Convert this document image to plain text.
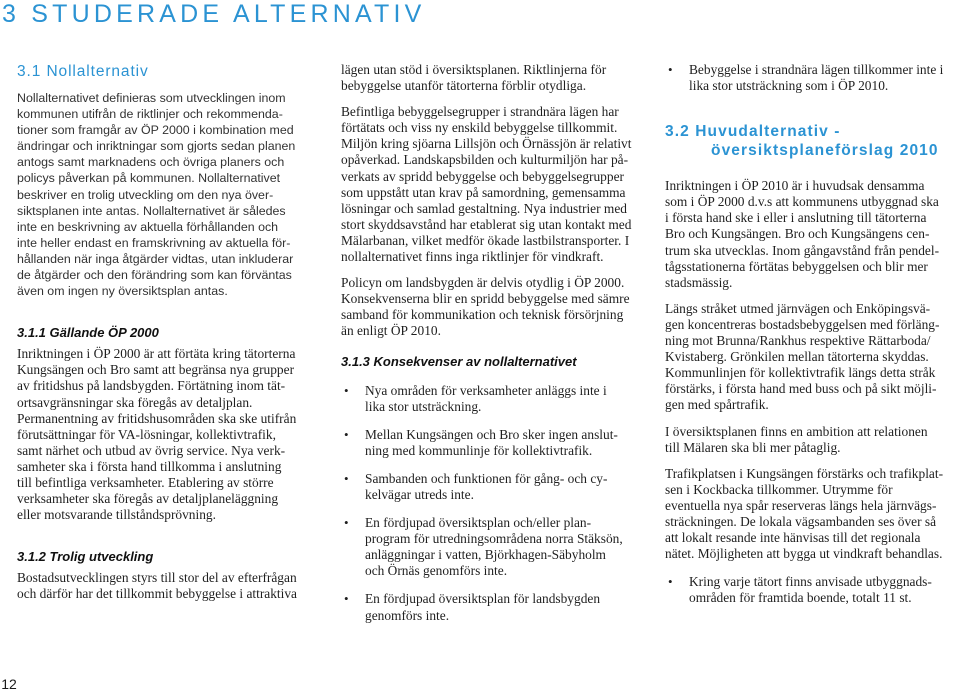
3 STUDERADE ALTERNATIV
3.1 Nollalternativ
Nollalternativet definieras som utvecklingen inom
kommunen utifrån de riktlinjer och rekommenda-
tioner som framgår av ÖP 2000 i kombination med
ändringar och inriktningar som gjorts sedan planen
antogs samt marknadens och övriga planers och
policys påverkan på kommunen. Nollalternativet
beskriver en trolig utveckling om den nya över-
siktsplanen inte antas. Nollalternativet är således
inte en beskrivning av aktuella förhållanden och
inte heller endast en framskrivning av aktuella för-
hållanden när inga åtgärder vidtas, utan inkluderar
de åtgärder och den förändring som kan förväntas
även om ingen ny översiktsplan antas.
3.1.1 Gällande ÖP 2000
Inriktningen i ÖP 2000 är att förtäta kring tätorterna
Kungsängen och Bro samt att begränsa nya grupper
av fritidshus på landsbygden. Förtätning inom tät-
ortsavgränsningar ska föregås av detaljplan.
Permanentning av fritidshusområden ska ske utifrån
förutsättningar för VA-lösningar, kollektivtrafik,
samt närhet och utbud av övrig service. Nya verk-
samheter ska i första hand tillkomma i anslutning
till befintliga verksamheter. Etablering av större
verksamheter ska föregås av detaljplaneläggning
eller motsvarande tillståndsprövning.
3.1.2 Trolig utveckling
Bostadsutvecklingen styrs till stor del av efterfrågan
och därför har det tillkommit bebyggelse i attraktiva
lägen utan stöd i översiktsplanen. Riktlinjerna för
bebyggelse utanför tätorterna förblir otydliga.
Befintliga bebyggelsegrupper i strandnära lägen har
förtätats och viss ny enskild bebyggelse tillkommit.
Miljön kring sjöarna Lillsjön och Örnässjön är relativt
opåverkad. Landskapsbilden och kulturmiljön har på-
verkats av spridd bebyggelse och bebyggelsegrupper
som uppstått utan krav på samordning, gemensamma
lösningar och samlad gestaltning. Nya industrier med
stort skyddsavstånd har etablerat sig utan kontakt med
Mälarbanan, vilket medför ökade lastbilstransporter. I
nollalternativet finns inga riktlinjer för vindkraft.
Policyn om landsbygden är delvis otydlig i ÖP 2000.
Konsekvenserna blir en spridd bebyggelse med sämre
samband för kommunikation och teknisk försörjning
än enligt ÖP 2010.
3.1.3 Konsekvenser av nollalternativet
• Nya områden för verksamheter anläggs inte i
lika stor utsträckning.
• Mellan Kungsängen och Bro sker ingen anslut-
ning med kommunlinje för kollektivtrafik.
• Sambanden och funktionen för gång- och cy-
kelvägar utreds inte.
• En fördjupad översiktsplan och/eller plan-
program för utredningsområdena norra Stäksön,
anläggningar i vatten, Björkhagen-Säbyholm
och Örnäs genomförs inte.
• En fördjupad översiktsplan för landsbygden
genomförs inte.
• Bebyggelse i strandnära lägen tillkommer inte i
lika stor utsträckning som i ÖP 2010.
3.2 Huvudalternativ -
översiktsplaneförslag 2010
Inriktningen i ÖP 2010 är i huvudsak densamma
som i ÖP 2000 d.v.s att kommunens utbyggnad ska
i första hand ske i eller i anslutning till tätorterna
Bro och Kungsängen. Bro och Kungsängens cen-
trum ska utvecklas. Inom gångavstånd från pendel-
tågsstationerna förtätas bebyggelsen och blir mer
stadsmässig.
Längs stråket utmed järnvägen och Enköpingsvä-
gen koncentreras bostadsbebyggelsen med förläng-
ning mot Brunna/Rankhus respektive Rättarboda/
Kvistaberg. Grönkilen mellan tätorterna skyddas.
Kommunlinjen för kollektivtrafik längs detta stråk
förstärks, i första hand med buss och på sikt möjli-
gen med spårtrafik.
I översiktsplanen finns en ambition att relationen
till Mälaren ska bli mer påtaglig.
Trafikplatsen i Kungsängen förstärks och trafikplat-
sen i Kockbacka tillkommer. Utrymme för
eventuella nya spår reserveras längs hela järnvägs-
sträckningen. De lokala vägsambanden ses över så
att lokalt resande inte hänvisas till det regionala
nätet. Möjligheten att bygga ut vindkraft behandlas.
• Kring varje tätort finns anvisade utbyggnads-
områden för framtida boende, totalt 11 st.
12
